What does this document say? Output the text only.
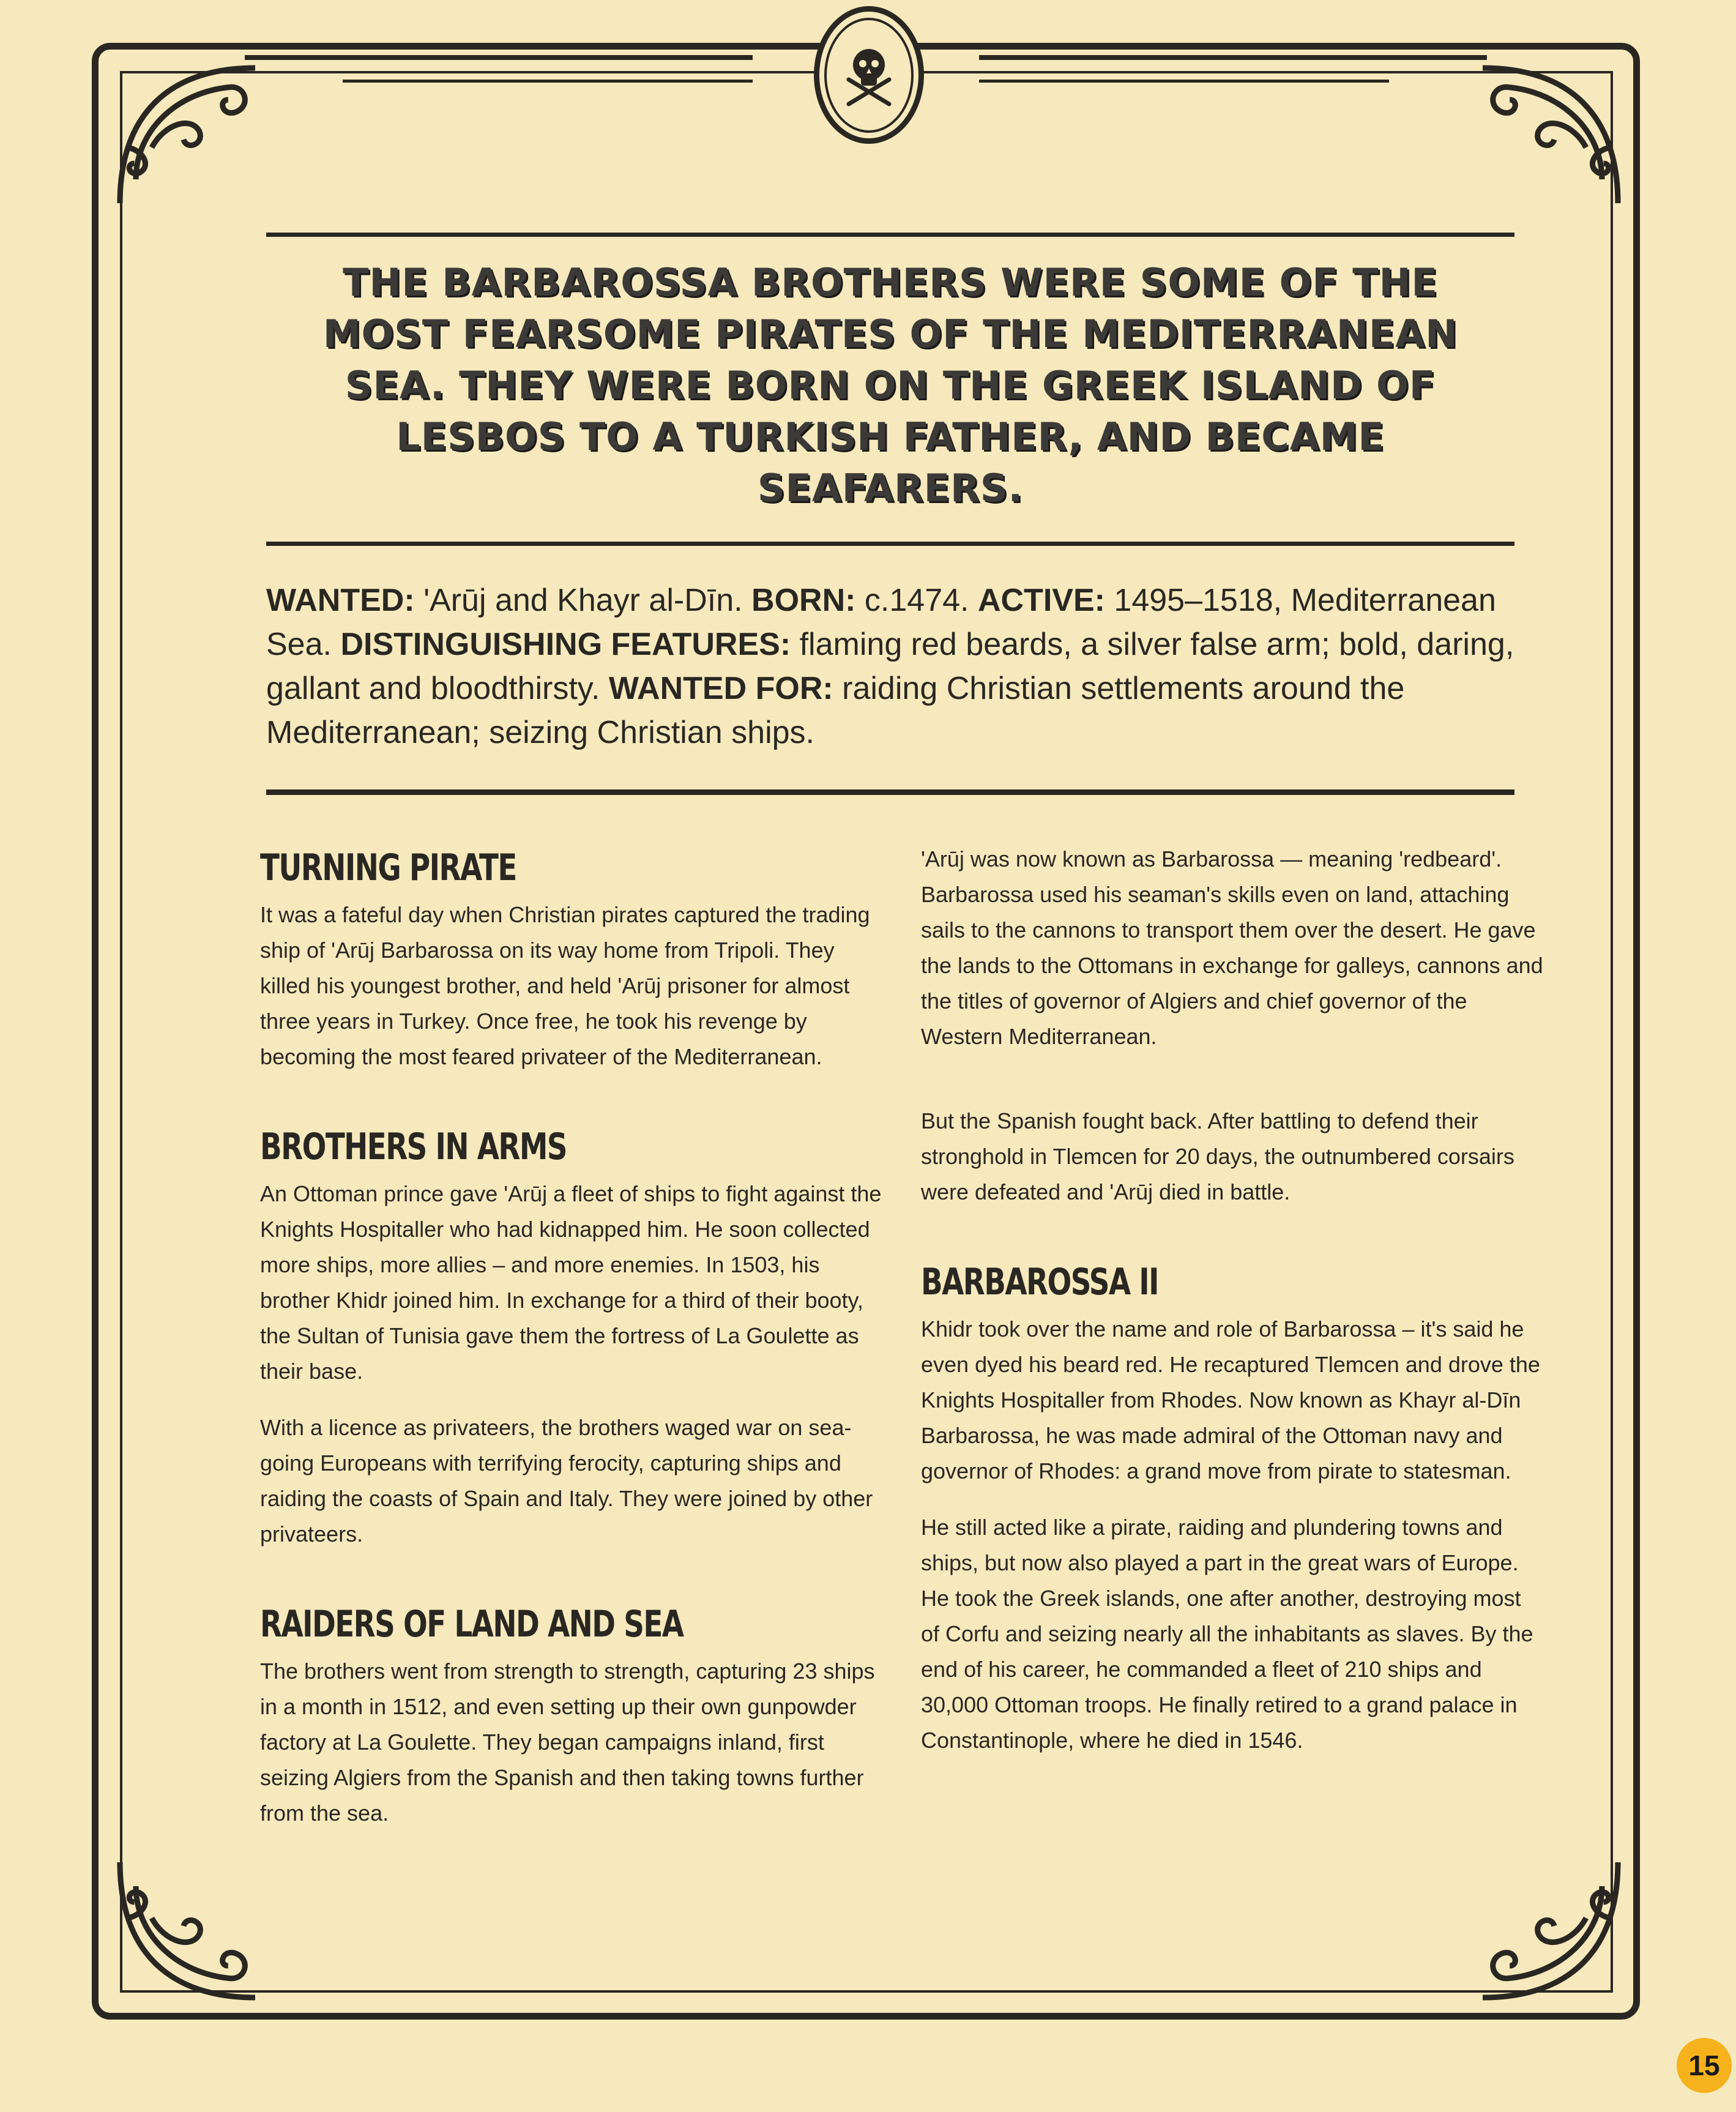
THE BARBAROSSA BROTHERS WERE SOME OF THE MOST FEARSOME PIRATES OF THE MEDITERRANEAN SEA. THEY WERE BORN ON THE GREEK ISLAND OF LESBOS TO A TURKISH FATHER, AND BECAME SEAFARERS.
WANTED: 'Arūj and Khayr al-Dīn. BORN: c.1474. ACTIVE: 1495–1518, Mediterranean Sea. DISTINGUISHING FEATURES: flaming red beards, a silver false arm; bold, daring, gallant and bloodthirsty. WANTED FOR: raiding Christian settlements around the Mediterranean; seizing Christian ships.
TURNING PIRATE

It was a fateful day when Christian pirates captured the trading ship of 'Arūj Barbarossa on its way home from Tripoli. They killed his youngest brother, and held 'Arūj prisoner for almost three years in Turkey. Once free, he took his revenge by becoming the most feared privateer of the Mediterranean.

BROTHERS IN ARMS

An Ottoman prince gave 'Arūj a fleet of ships to fight against the Knights Hospitaller who had kidnapped him. He soon collected more ships, more allies – and more enemies. In 1503, his brother Khidr joined him. In exchange for a third of their booty, the Sultan of Tunisia gave them the fortress of La Goulette as their base.

With a licence as privateers, the brothers waged war on sea-going Europeans with terrifying ferocity, capturing ships and raiding the coasts of Spain and Italy. They were joined by other privateers.

RAIDERS OF LAND AND SEA

The brothers went from strength to strength, capturing 23 ships in a month in 1512, and even setting up their own gunpowder factory at La Goulette. They began campaigns inland, first seizing Algiers from the Spanish and then taking towns further from the sea.

'Arūj was now known as Barbarossa — meaning 'redbeard'. Barbarossa used his seaman's skills even on land, attaching sails to the cannons to transport them over the desert. He gave the lands to the Ottomans in exchange for galleys, cannons and the titles of governor of Algiers and chief governor of the Western Mediterranean.

But the Spanish fought back. After battling to defend their stronghold in Tlemcen for 20 days, the outnumbered corsairs were defeated and 'Arūj died in battle.

BARBAROSSA II

Khidr took over the name and role of Barbarossa – it's said he even dyed his beard red. He recaptured Tlemcen and drove the Knights Hospitaller from Rhodes. Now known as Khayr al-Dīn Barbarossa, he was made admiral of the Ottoman navy and governor of Rhodes: a grand move from pirate to statesman.

He still acted like a pirate, raiding and plundering towns and ships, but now also played a part in the great wars of Europe. He took the Greek islands, one after another, destroying most of Corfu and seizing nearly all the inhabitants as slaves. By the end of his career, he commanded a fleet of 210 ships and 30,000 Ottoman troops. He finally retired to a grand palace in Constantinople, where he died in 1546.

15
